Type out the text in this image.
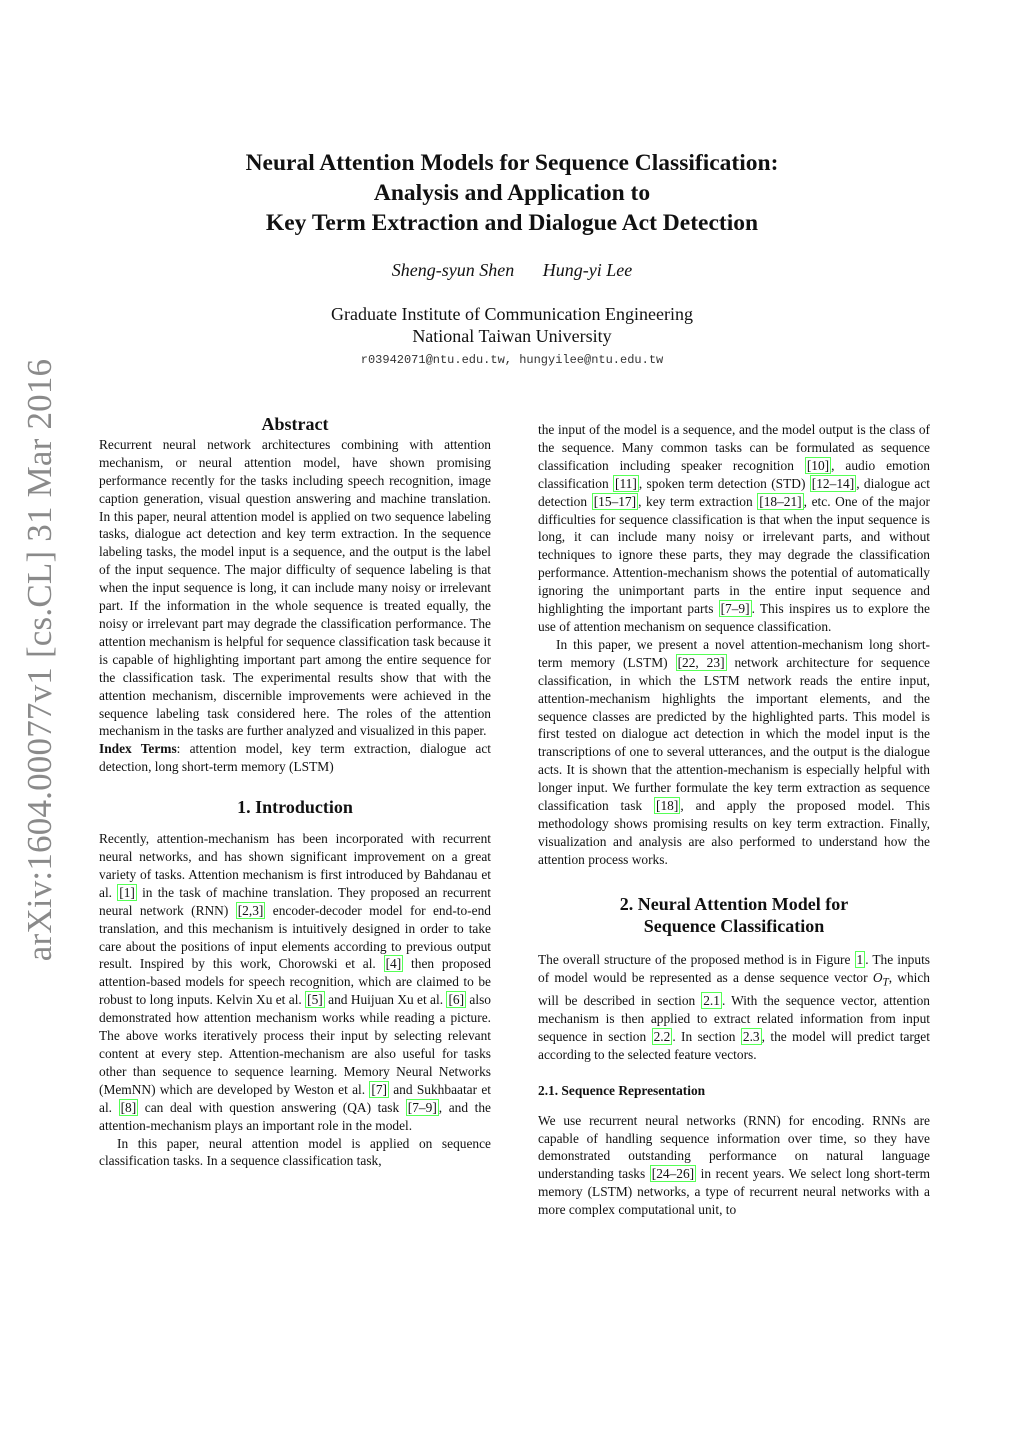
arXiv:1604.00077v1 [cs.CL] 31 Mar 2016
Neural Attention Models for Sequence Classification:
Analysis and Application to
Key Term Extraction and Dialogue Act Detection
Sheng-syun Shen Hung-yi Lee
Graduate Institute of Communication Engineering
National Taiwan University
r03942071@ntu.edu.tw, hungyilee@ntu.edu.tw
Abstract

Recurrent neural network architectures combining with attention mechanism, or neural attention model, have shown promising performance recently for the tasks including speech recognition, image caption generation, visual question answering and machine translation. In this paper, neural attention model is applied on two sequence labeling tasks, dialogue act detection and key term extraction. In the sequence labeling tasks, the model input is a sequence, and the output is the label of the input sequence. The major difficulty of sequence labeling is that when the input sequence is long, it can include many noisy or irrelevant part. If the information in the whole sequence is treated equally, the noisy or irrelevant part may degrade the classification performance. The attention mechanism is helpful for sequence classification task because it is capable of highlighting important part among the entire sequence for the classification task. The experimental results show that with the attention mechanism, discernible improvements were achieved in the sequence labeling task considered here. The roles of the attention mechanism in the tasks are further analyzed and visualized in this paper.

Index Terms: attention model, key term extraction, dialogue act detection, long short-term memory (LSTM)

1. Introduction

Recently, attention-mechanism has been incorporated with recurrent neural networks, and has shown significant improvement on a great variety of tasks. Attention mechanism is first introduced by Bahdanau et al. [1] in the task of machine translation. They proposed an recurrent neural network (RNN) [2,3] encoder-decoder model for end-to-end translation, and this mechanism is intuitively designed in order to take care about the positions of input elements according to previous output result. Inspired by this work, Chorowski et al. [4] then proposed attention-based models for speech recognition, which are claimed to be robust to long inputs. Kelvin Xu et al. [5] and Huijuan Xu et al. [6] also demonstrated how attention mechanism works while reading a picture. The above works iteratively process their input by selecting relevant content at every step. Attention-mechanism are also useful for tasks other than sequence to sequence learning. Memory Neural Networks (MemNN) which are developed by Weston et al. [7] and Sukhbaatar et al. [8] can deal with question answering (QA) task [7–9] , and the attention-mechanism plays an important role in the model.

In this paper, neural attention model is applied on sequence classification tasks. In a sequence classification task,

the input of the model is a sequence, and the model output is the class of the sequence. Many common tasks can be formulated as sequence classification including speaker recognition [10] , audio emotion classification [11] , spoken term detection (STD) [12–14] , dialogue act detection [15–17] , key term extraction [18–21] , etc. One of the major difficulties for sequence classification is that when the input sequence is long, it can include many noisy or irrelevant parts, and without techniques to ignore these parts, they may degrade the classification performance. Attention-mechanism shows the potential of automatically ignoring the unimportant parts in the entire input sequence and highlighting the important parts [7–9] . This inspires us to explore the use of attention mechanism on sequence classification.

In this paper, we present a novel attention-mechanism long short-term memory (LSTM) [22, 23] network architecture for sequence classification, in which the LSTM network reads the entire input, attention-mechanism highlights the important elements, and the sequence classes are predicted by the highlighted parts. This model is first tested on dialogue act detection in which the model input is the transcriptions of one to several utterances, and the output is the dialogue acts. It is shown that the attention-mechanism is especially helpful with longer input. We further formulate the key term extraction as sequence classification task [18] , and apply the proposed model. This methodology shows promising results on key term extraction. Finally, visualization and analysis are also performed to understand how the attention process works.

2. Neural Attention Model for
Sequence Classification

The overall structure of the proposed method is in Figure 1 . The inputs of model would be represented as a dense sequence vector $O_T$, which will be described in section 2.1 . With the sequence vector, attention mechanism is then applied to extract related information from input sequence in section 2.2 . In section 2.3 , the model will predict target according to the selected feature vectors.

2.1. Sequence Representation

We use recurrent neural networks (RNN) for encoding. RNNs are capable of handling sequence information over time, so they have demonstrated outstanding performance on natural language understanding tasks [24–26] in recent years. We select long short-term memory (LSTM) networks, a type of recurrent neural networks with a more complex computational unit, to
